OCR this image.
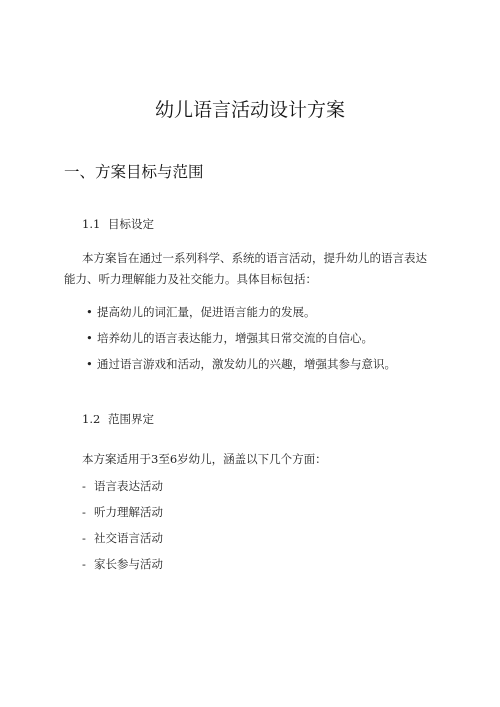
幼儿语言活动设计方案
一、方案目标与范围
1.1 目标设定
本方案旨在通过一系列科学、系统的语言活动，提升幼儿的语言表达能力、听力理解能力及社交能力。具体目标包括：
• 提高幼儿的词汇量，促进语言能力的发展。
• 培养幼儿的语言表达能力，增强其日常交流的自信心。
• 通过语言游戏和活动，激发幼儿的兴趣，增强其参与意识。
1.2 范围界定
本方案适用于3至6岁幼儿，涵盖以下几个方面：
- 语言表达活动
- 听力理解活动
- 社交语言活动
- 家长参与活动
